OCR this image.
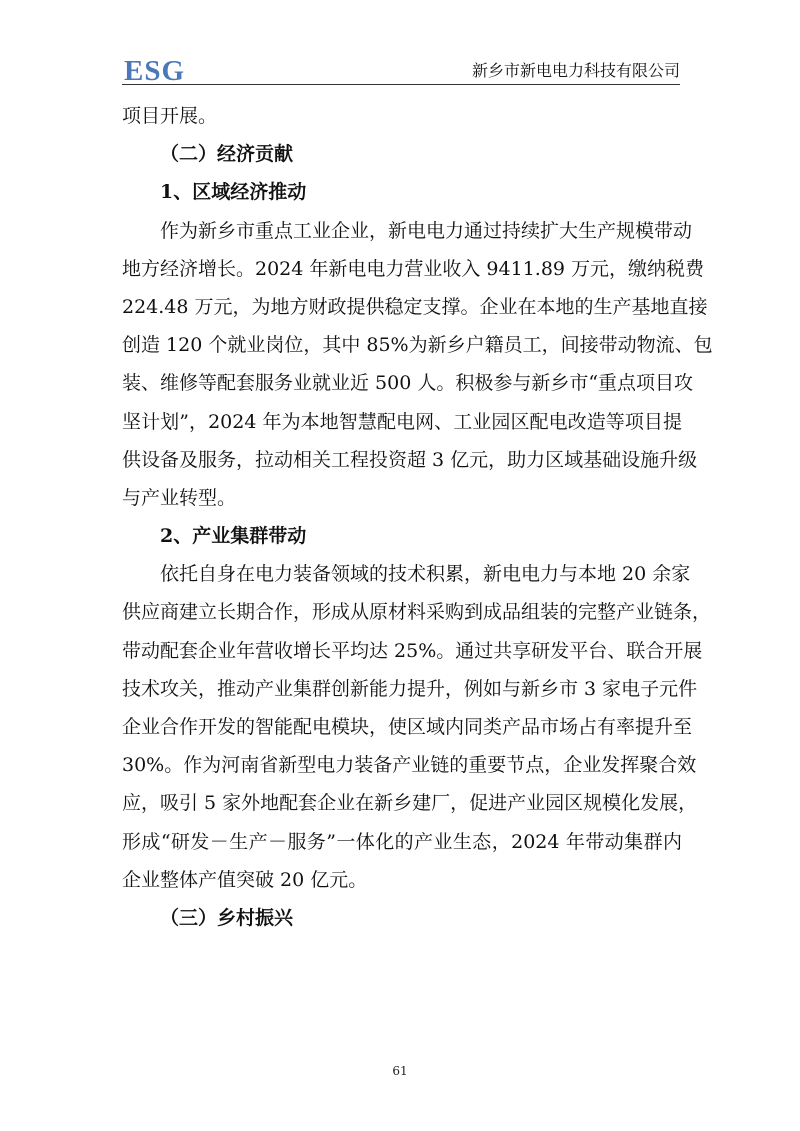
ESG	新乡市新电电力科技有限公司
项目开展。
（二）经济贡献
1、区域经济推动
作为新乡市重点工业企业，新电电力通过持续扩大生产规模带动
地方经济增长。2024 年新电电力营业收入 9411.89 万元，缴纳税费
224.48 万元，为地方财政提供稳定支撑。企业在本地的生产基地直接
创造 120 个就业岗位，其中 85%为新乡户籍员工，间接带动物流、包
装、维修等配套服务业就业近 500 人。积极参与新乡市“重点项目攻
坚计划”，2024 年为本地智慧配电网、工业园区配电改造等项目提
供设备及服务，拉动相关工程投资超 3 亿元，助力区域基础设施升级
与产业转型。
2、产业集群带动
依托自身在电力装备领域的技术积累，新电电力与本地 20 余家
供应商建立长期合作，形成从原材料采购到成品组装的完整产业链条，
带动配套企业年营收增长平均达 25%。通过共享研发平台、联合开展
技术攻关，推动产业集群创新能力提升，例如与新乡市 3 家电子元件
企业合作开发的智能配电模块，使区域内同类产品市场占有率提升至
30%。作为河南省新型电力装备产业链的重要节点，企业发挥聚合效
应，吸引 5 家外地配套企业在新乡建厂，促进产业园区规模化发展，
形成“研发－生产－服务”一体化的产业生态，2024 年带动集群内
企业整体产值突破 20 亿元。
（三）乡村振兴
61
